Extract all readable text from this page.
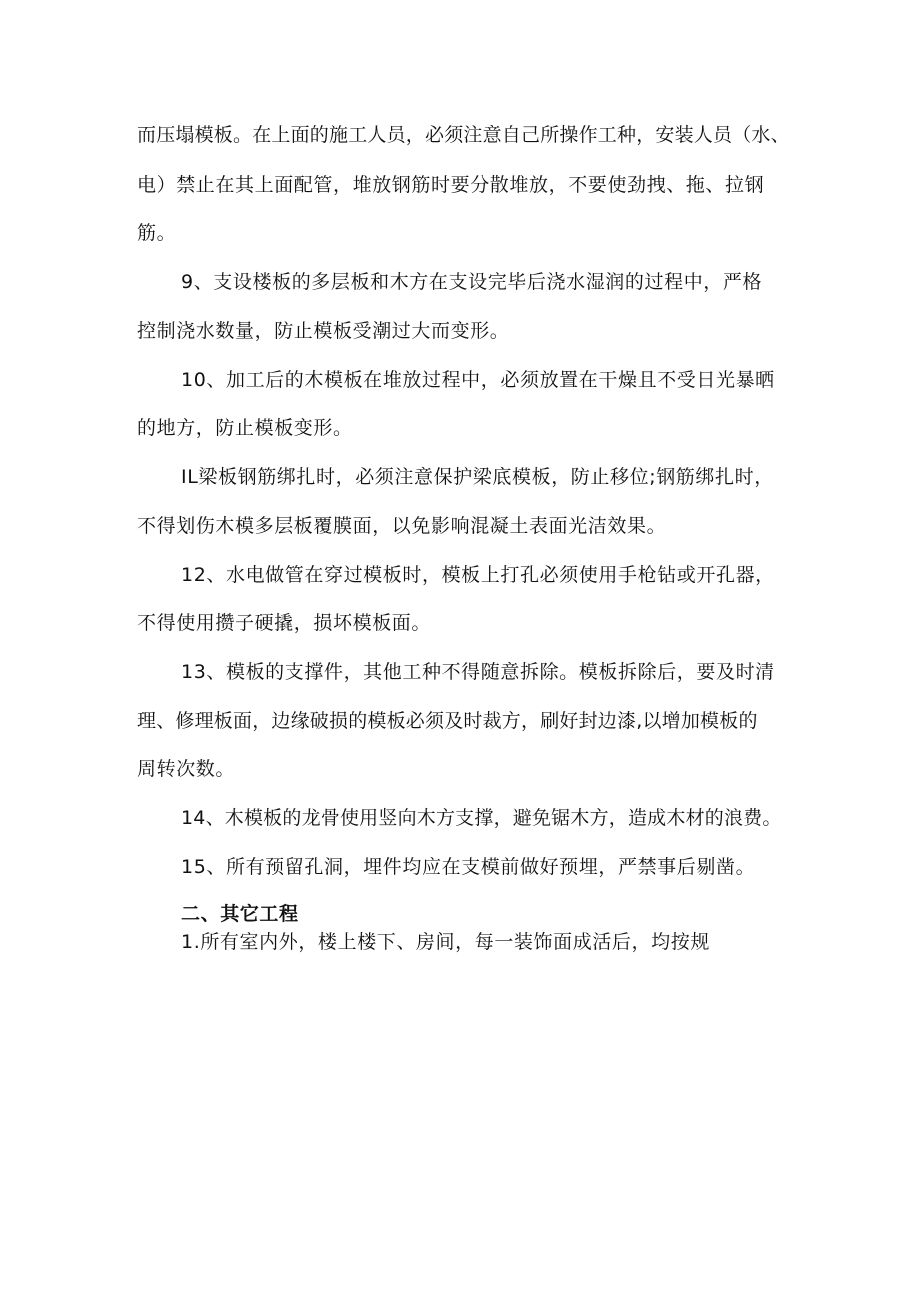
而压塌模板。在上面的施工人员，必须注意自己所操作工种，安装人员（水、
电）禁止在其上面配管，堆放钢筋时要分散堆放，不要使劲拽、拖、拉钢
筋。
9、支设楼板的多层板和木方在支设完毕后浇水湿润的过程中，严格
控制浇水数量，防止模板受潮过大而变形。
10、加工后的木模板在堆放过程中，必须放置在干燥且不受日光暴晒
的地方，防止模板变形。
IL梁板钢筋绑扎时，必须注意保护梁底模板，防止移位;钢筋绑扎时，
不得划伤木模多层板覆膜面，以免影响混凝土表面光洁效果。
12、水电做管在穿过模板时，模板上打孔必须使用手枪钻或开孔器，
不得使用攒子硬撬，损坏模板面。
13、模板的支撑件，其他工种不得随意拆除。模板拆除后，要及时清
理、修理板面，边缘破损的模板必须及时裁方，刷好封边漆,以增加模板的
周转次数。
14、木模板的龙骨使用竖向木方支撑，避免锯木方，造成木材的浪费。
15、所有预留孔洞，埋件均应在支模前做好预埋，严禁事后剔凿。
二、其它工程
1.所有室内外，楼上楼下、房间，每一装饰面成活后，均按规
